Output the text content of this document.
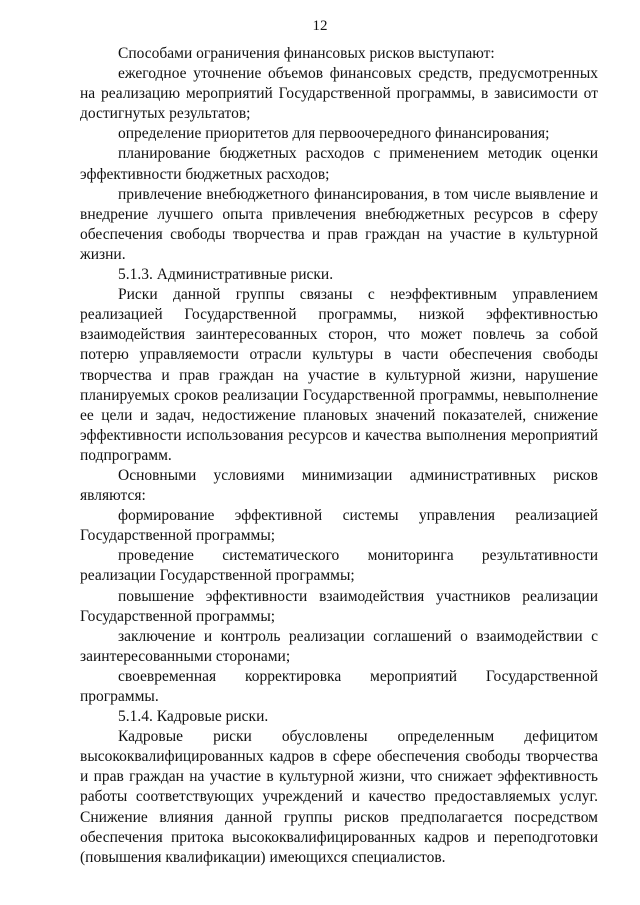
12

Способами ограничения финансовых рисков выступают:

ежегодное уточнение объемов финансовых средств, предусмотренных на реализацию мероприятий Государственной программы, в зависимости от достигнутых результатов;

определение приоритетов для первоочередного финансирования;

планирование бюджетных расходов с применением методик оценки эффективности бюджетных расходов;

привлечение внебюджетного финансирования, в том числе выявление и внедрение лучшего опыта привлечения внебюджетных ресурсов в сферу обеспечения свободы творчества и прав граждан на участие в культурной жизни.

5.1.3. Административные риски.

Риски данной группы связаны с неэффективным управлением реализацией Государственной программы, низкой эффективностью взаимодействия заинтересованных сторон, что может повлечь за собой потерю управляемости отрасли культуры в части обеспечения свободы творчества и прав граждан на участие в культурной жизни, нарушение планируемых сроков реализации Государственной программы, невыполнение ее цели и задач, недостижение плановых значений показателей, снижение эффективности использования ресурсов и качества выполнения мероприятий подпрограмм.

Основными условиями минимизации административных рисков являются:

формирование эффективной системы управления реализацией Государственной программы;

проведение систематического мониторинга результативности реализации Государственной программы;

повышение эффективности взаимодействия участников реализации Государственной программы;

заключение и контроль реализации соглашений о взаимодействии с заинтересованными сторонами;

своевременная корректировка мероприятий Государственной программы.

5.1.4. Кадровые риски.

Кадровые риски обусловлены определенным дефицитом высококвалифицированных кадров в сфере обеспечения свободы творчества и прав граждан на участие в культурной жизни, что снижает эффективность работы соответствующих учреждений и качество предоставляемых услуг. Снижение влияния данной группы рисков предполагается посредством обеспечения притока высококвалифицированных кадров и переподготовки (повышения квалификации) имеющихся специалистов.
